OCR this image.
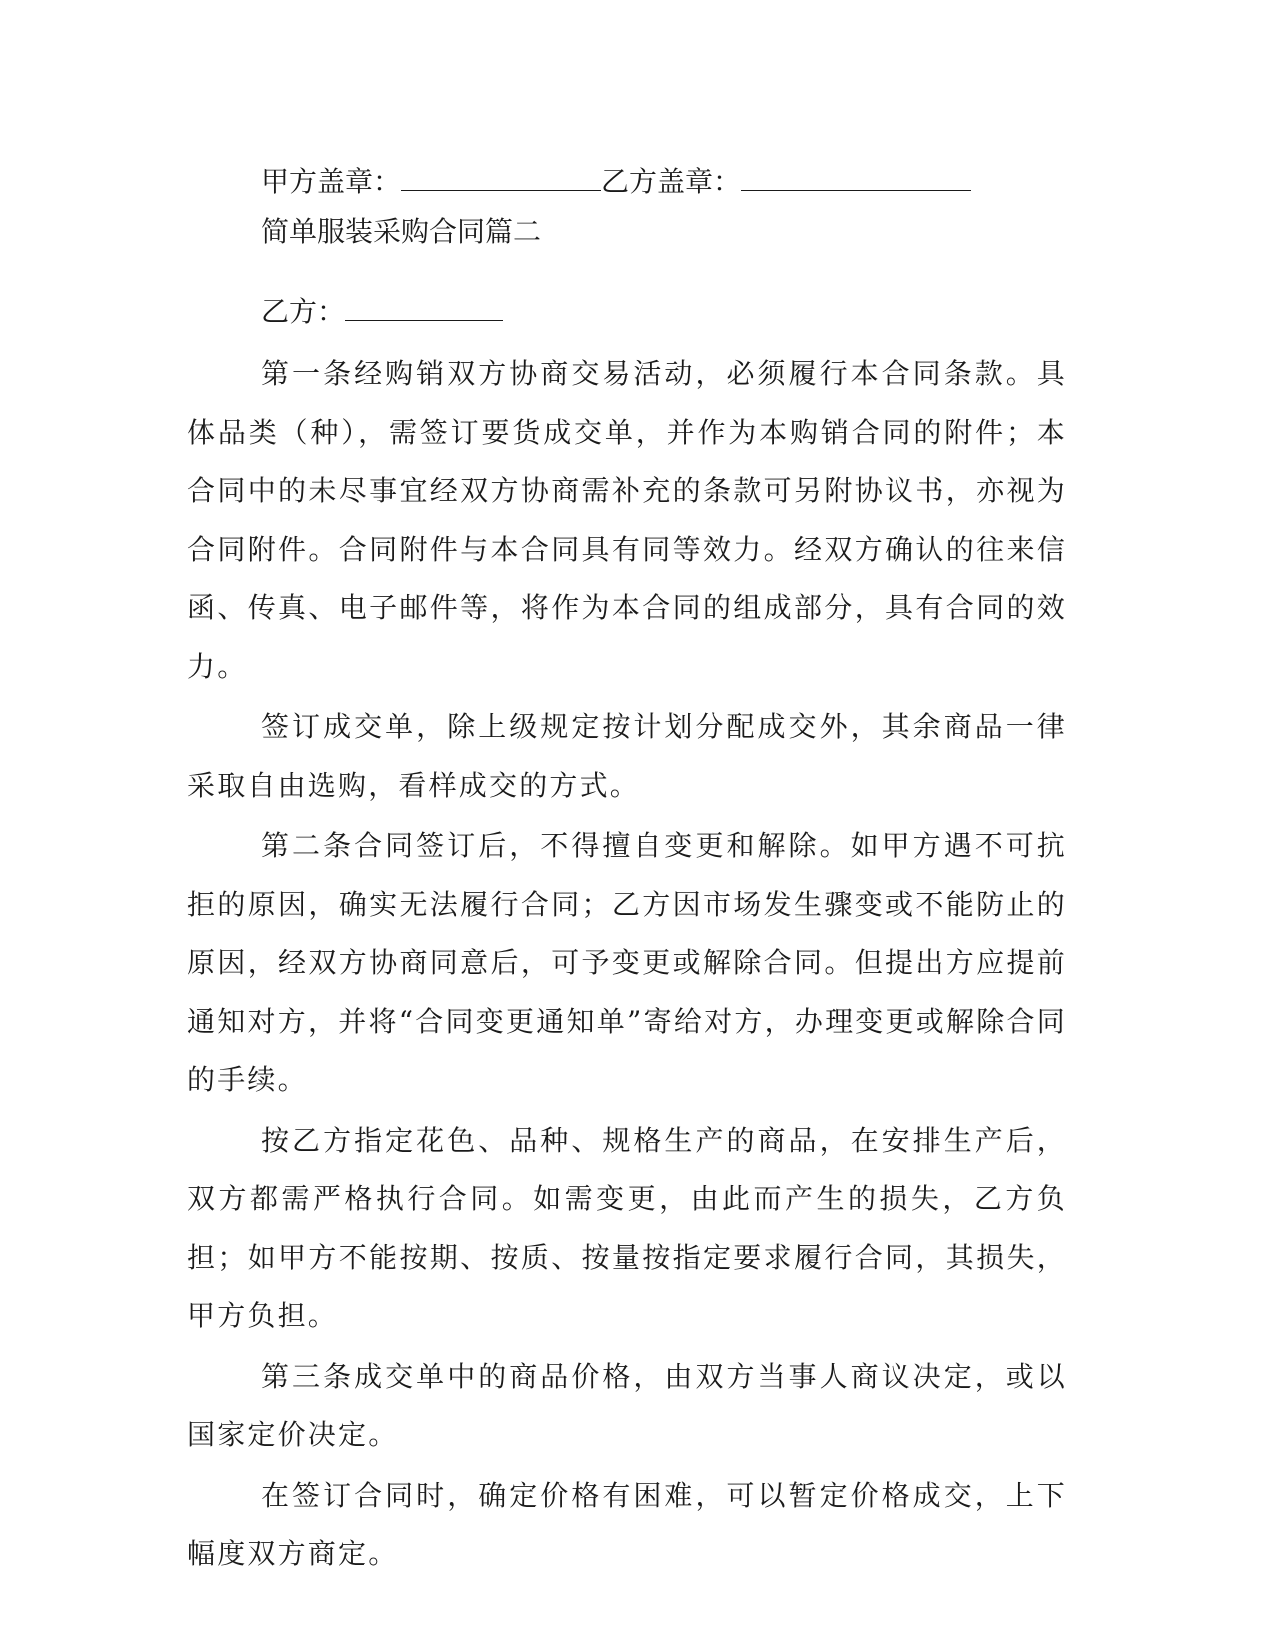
甲方盖章：	乙方盖章：
简单服装采购合同篇二
乙方：

第一条经购销双方协商交易活动，必须履行本合同条款。具体品类（种），需签订要货成交单，并作为本购销合同的附件；本合同中的未尽事宜经双方协商需补充的条款可另附协议书，亦视为合同附件。合同附件与本合同具有同等效力。经双方确认的往来信函、传真、电子邮件等，将作为本合同的组成部分，具有合同的效力。

签订成交单，除上级规定按计划分配成交外，其余商品一律采取自由选购，看样成交的方式。

第二条合同签订后，不得擅自变更和解除。如甲方遇不可抗拒的原因，确实无法履行合同；乙方因市场发生骤变或不能防止的原因，经双方协商同意后，可予变更或解除合同。但提出方应提前通知对方，并将“合同变更通知单”寄给对方，办理变更或解除合同的手续。

按乙方指定花色、品种、规格生产的商品，在安排生产后，双方都需严格执行合同。如需变更，由此而产生的损失，乙方负担；如甲方不能按期、按质、按量按指定要求履行合同，其损失，甲方负担。

第三条成交单中的商品价格，由双方当事人商议决定，或以国家定价决定。

在签订合同时，确定价格有困难，可以暂定价格成交，上下幅度双方商定。
